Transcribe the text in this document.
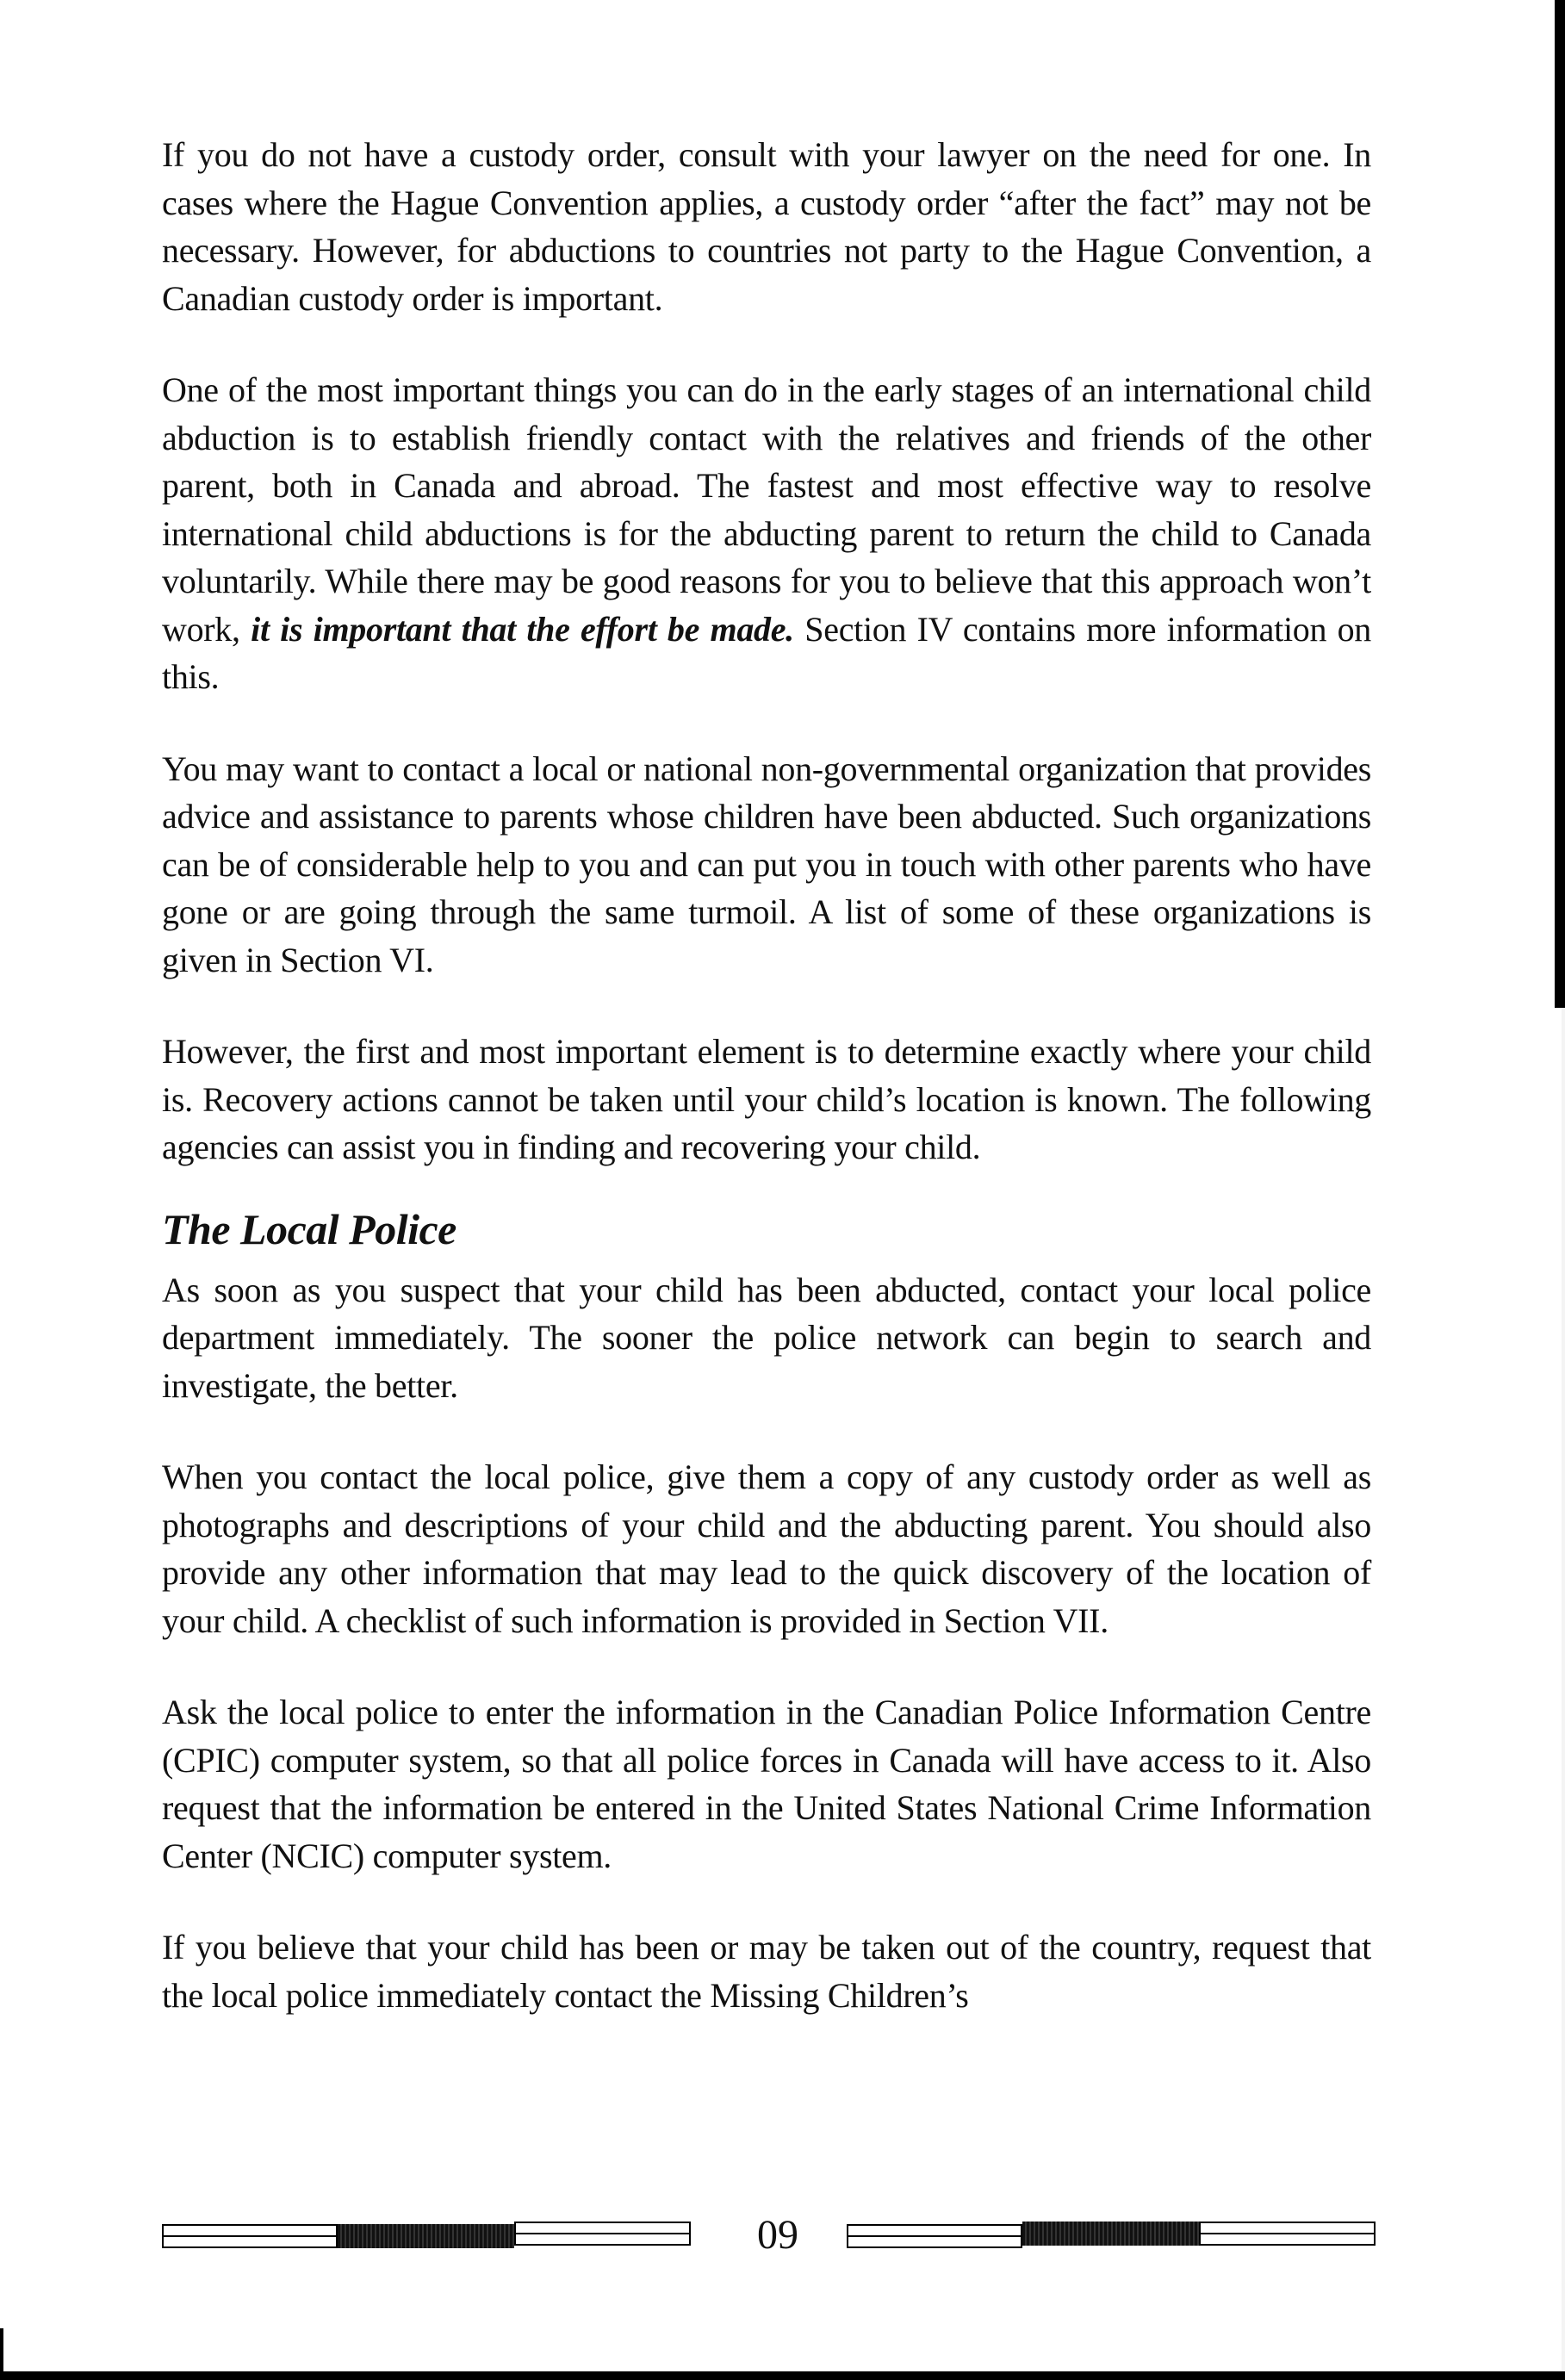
If you do not have a custody order, consult with your lawyer on the need for one. In cases where the Hague Convention applies, a custody order “after the fact” may not be necessary. However, for abductions to countries not party to the Hague Convention, a Canadian custody order is important.

One of the most important things you can do in the early stages of an international child abduction is to establish friendly contact with the relatives and friends of the other parent, both in Canada and abroad. The fastest and most effective way to resolve international child abductions is for the abducting parent to return the child to Canada voluntarily. While there may be good reasons for you to believe that this approach won’t work, it is important that the effort be made. Section IV contains more information on this.

You may want to contact a local or national non-governmental organization that provides advice and assistance to parents whose children have been abducted. Such organizations can be of considerable help to you and can put you in touch with other parents who have gone or are going through the same turmoil. A list of some of these organizations is given in Section VI.

However, the first and most important element is to determine exactly where your child is. Recovery actions cannot be taken until your child’s location is known. The following agencies can assist you in finding and recovering your child.

The Local Police

As soon as you suspect that your child has been abducted, contact your local police department immediately. The sooner the police network can begin to search and investigate, the better.

When you contact the local police, give them a copy of any custody order as well as photographs and descriptions of your child and the abducting parent. You should also provide any other information that may lead to the quick discovery of the location of your child. A checklist of such information is provided in Section VII.

Ask the local police to enter the information in the Canadian Police Information Centre (CPIC) computer system, so that all police forces in Canada will have access to it. Also request that the information be entered in the United States National Crime Information Center (NCIC) computer system.

If you believe that your child has been or may be taken out of the country, request that the local police immediately contact the Missing Children’s

09
